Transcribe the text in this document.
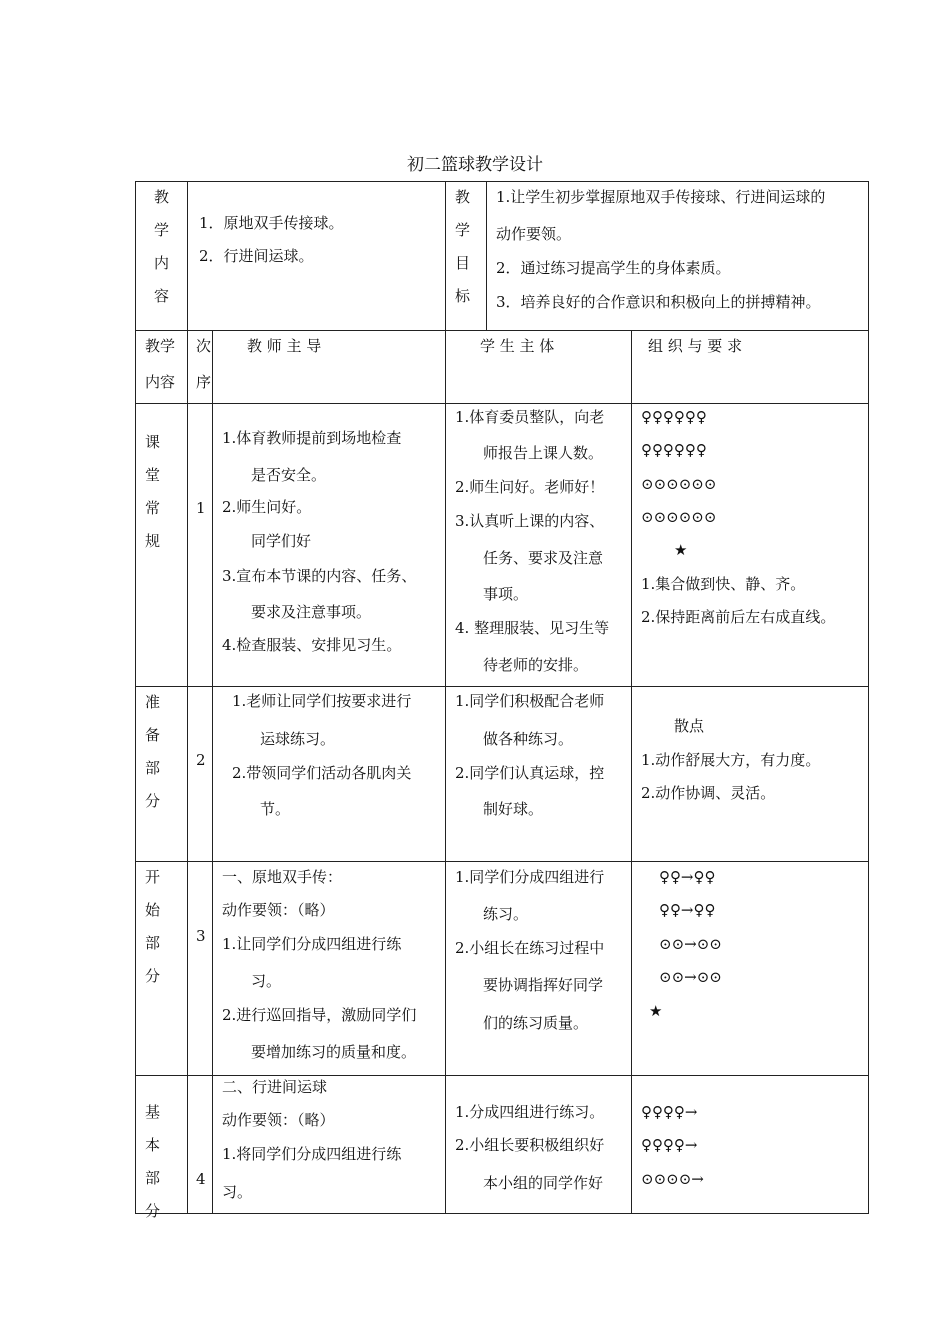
初二篮球教学设计
教
学
内
容
1．原地双手传接球。
2．行进间运球。
教
学
目
标
1.让学生初步掌握原地双手传接球、行进间运球的
动作要领。
2．通过练习提高学生的身体素质。
3．培养良好的合作意识和积极向上的拼搏精神。
教学
内容
次
序
教 师 主 导	学 生 主 体	组 织 与 要 求
课
堂
常
规
1
1.体育教师提前到场地检查
是否安全。
2.师生问好。
同学们好
3.宣布本节课的内容、任务、
要求及注意事项。
4.检查服装、安排见习生。
1.体育委员整队，向老
师报告上课人数。
2.师生问好。老师好！
3.认真听上课的内容、
任务、要求及注意
事项。
4. 整理服装、见习生等
待老师的安排。
♀♀♀♀♀♀
♀♀♀♀♀♀
⊙⊙⊙⊙⊙⊙
⊙⊙⊙⊙⊙⊙
★
1.集合做到快、静、齐。
2.保持距离前后左右成直线。
准
备
部
分
2
1.老师让同学们按要求进行
运球练习。
2.带领同学们活动各肌肉关
节。
1.同学们积极配合老师
做各种练习。
2.同学们认真运球，控
制好球。
散点
1.动作舒展大方，有力度。
2.动作协调、灵活。
开
始
部
分
3
一、原地双手传：
动作要领：（略）
1.让同学们分成四组进行练
习。
2.进行巡回指导，激励同学们
要增加练习的质量和度。
1.同学们分成四组进行
练习。
2.小组长在练习过程中
要协调指挥好同学
们的练习质量。
♀♀→♀♀
♀♀→♀♀
⊙⊙→⊙⊙
⊙⊙→⊙⊙
★
基
本
部
分
4
二、行进间运球
动作要领：（略）
1.将同学们分成四组进行练
习。
1.分成四组进行练习。
2.小组长要积极组织好
本小组的同学作好
♀♀♀♀→
♀♀♀♀→
⊙⊙⊙⊙→
